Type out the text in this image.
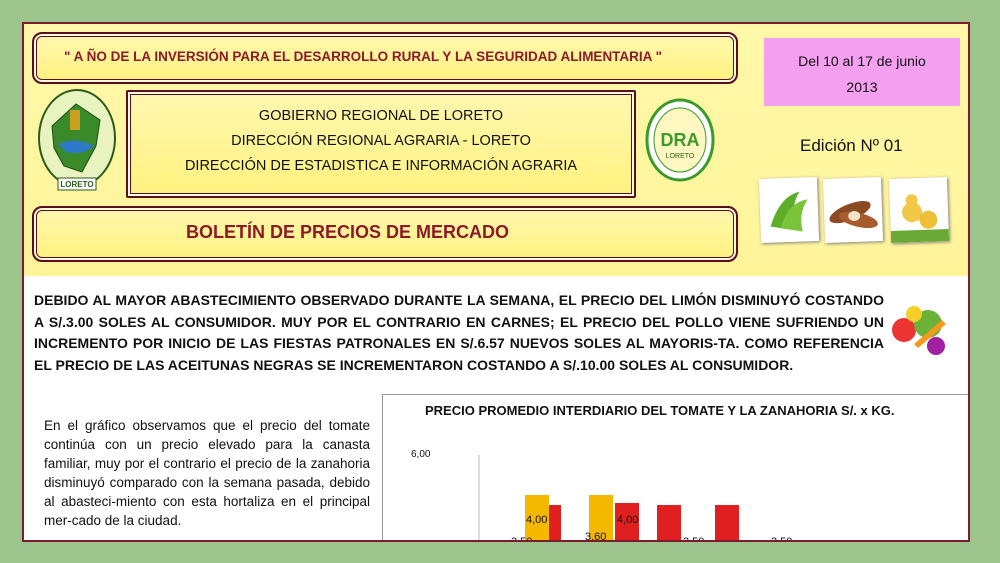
" A ÑO DE LA INVERSIÓN PARA EL DESARROLLO RURAL Y LA SEGURIDAD ALIMENTARIA "	Del 10 al 17 de junio
2013
LORETO
GOBIERNO REGIONAL DE LORETO
DIRECCIÓN REGIONAL AGRARIA - LORETO
DIRECCIÓN DE ESTADISTICA E INFORMACIÓN AGRARIA
DRA
LORETO
Edición Nº 01
BOLETÍN DE PRECIOS DE MERCADO
DEBIDO AL MAYOR ABASTECIMIENTO OBSERVADO DURANTE LA SEMANA, EL PRECIO DEL LIMÓN DISMINUYÓ COSTANDO A S/.3.00 SOLES AL CONSUMIDOR. MUY POR EL CONTRARIO EN CARNES; EL PRECIO DEL POLLO VIENE SUFRIENDO UN INCREMENTO POR INICIO DE LAS FIESTAS PATRONALES EN S/.6.57 NUEVOS SOLES AL MAYORIS-TA. COMO REFERENCIA EL PRECIO DE LAS ACEITUNAS NEGRAS SE INCREMENTARON COSTANDO A S/.10.00 SOLES AL CONSUMIDOR.
En el gráfico observamos que el precio del tomate continúa con un precio elevado para la canasta familiar, muy por el contrario el precio de la zanahoria disminuyó comparado con la semana pasada, debido al abasteci-miento con esta hortaliza en el principal mer-cado de la ciudad.
PRECIO PROMEDIO INTERDIARIO DEL TOMATE Y LA ZANAHORIA S/. x KG.
6,00
TOMATE
3,50	3,60	3,50	3,50
4,00	4,00
